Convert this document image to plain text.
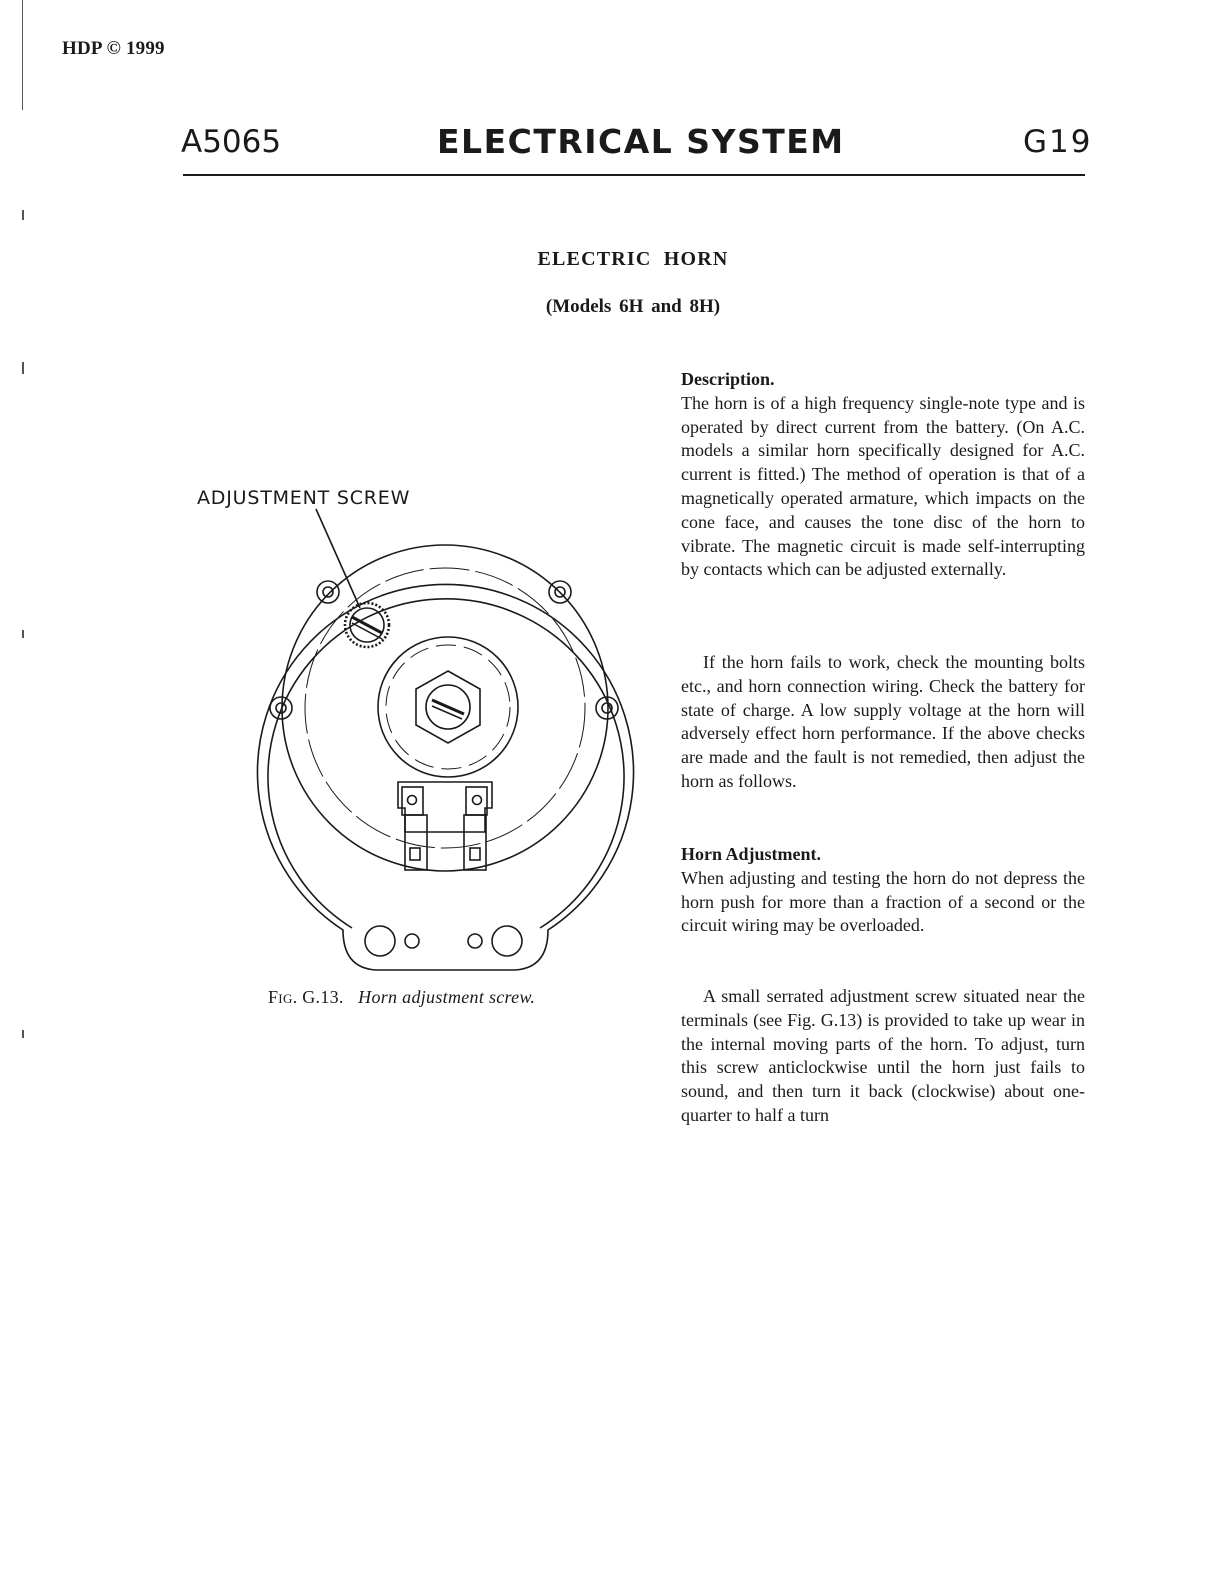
HDP © 1999
A5065	ELECTRICAL SYSTEM	G19
ELECTRIC HORN
(Models 6H and 8H)
Description.

The horn is of a high frequency single-note type and is operated by direct current from the battery. (On A.C. models a similar horn specifically designed for A.C. current is fitted.) The method of operation is that of a magnetically operated armature, which impacts on the cone face, and causes the tone disc of the horn to vibrate. The magnetic circuit is made self-interrupting by contacts which can be adjusted externally.

If the horn fails to work, check the mounting bolts etc., and horn connection wiring. Check the battery for state of charge. A low supply voltage at the horn will adversely effect horn performance. If the above checks are made and the fault is not remedied, then adjust the horn as follows.

Horn Adjustment.

When adjusting and testing the horn do not depress the horn push for more than a fraction of a second or the circuit wiring may be overloaded.

A small serrated adjustment screw situated near the terminals (see Fig. G.13) is provided to take up wear in the internal moving parts of the horn. To adjust, turn this screw anticlockwise until the horn just fails to sound, and then turn it back (clockwise) about one-quarter to half a turn

ADJUSTMENT SCREW
Fig. G.13. Horn adjustment screw.
